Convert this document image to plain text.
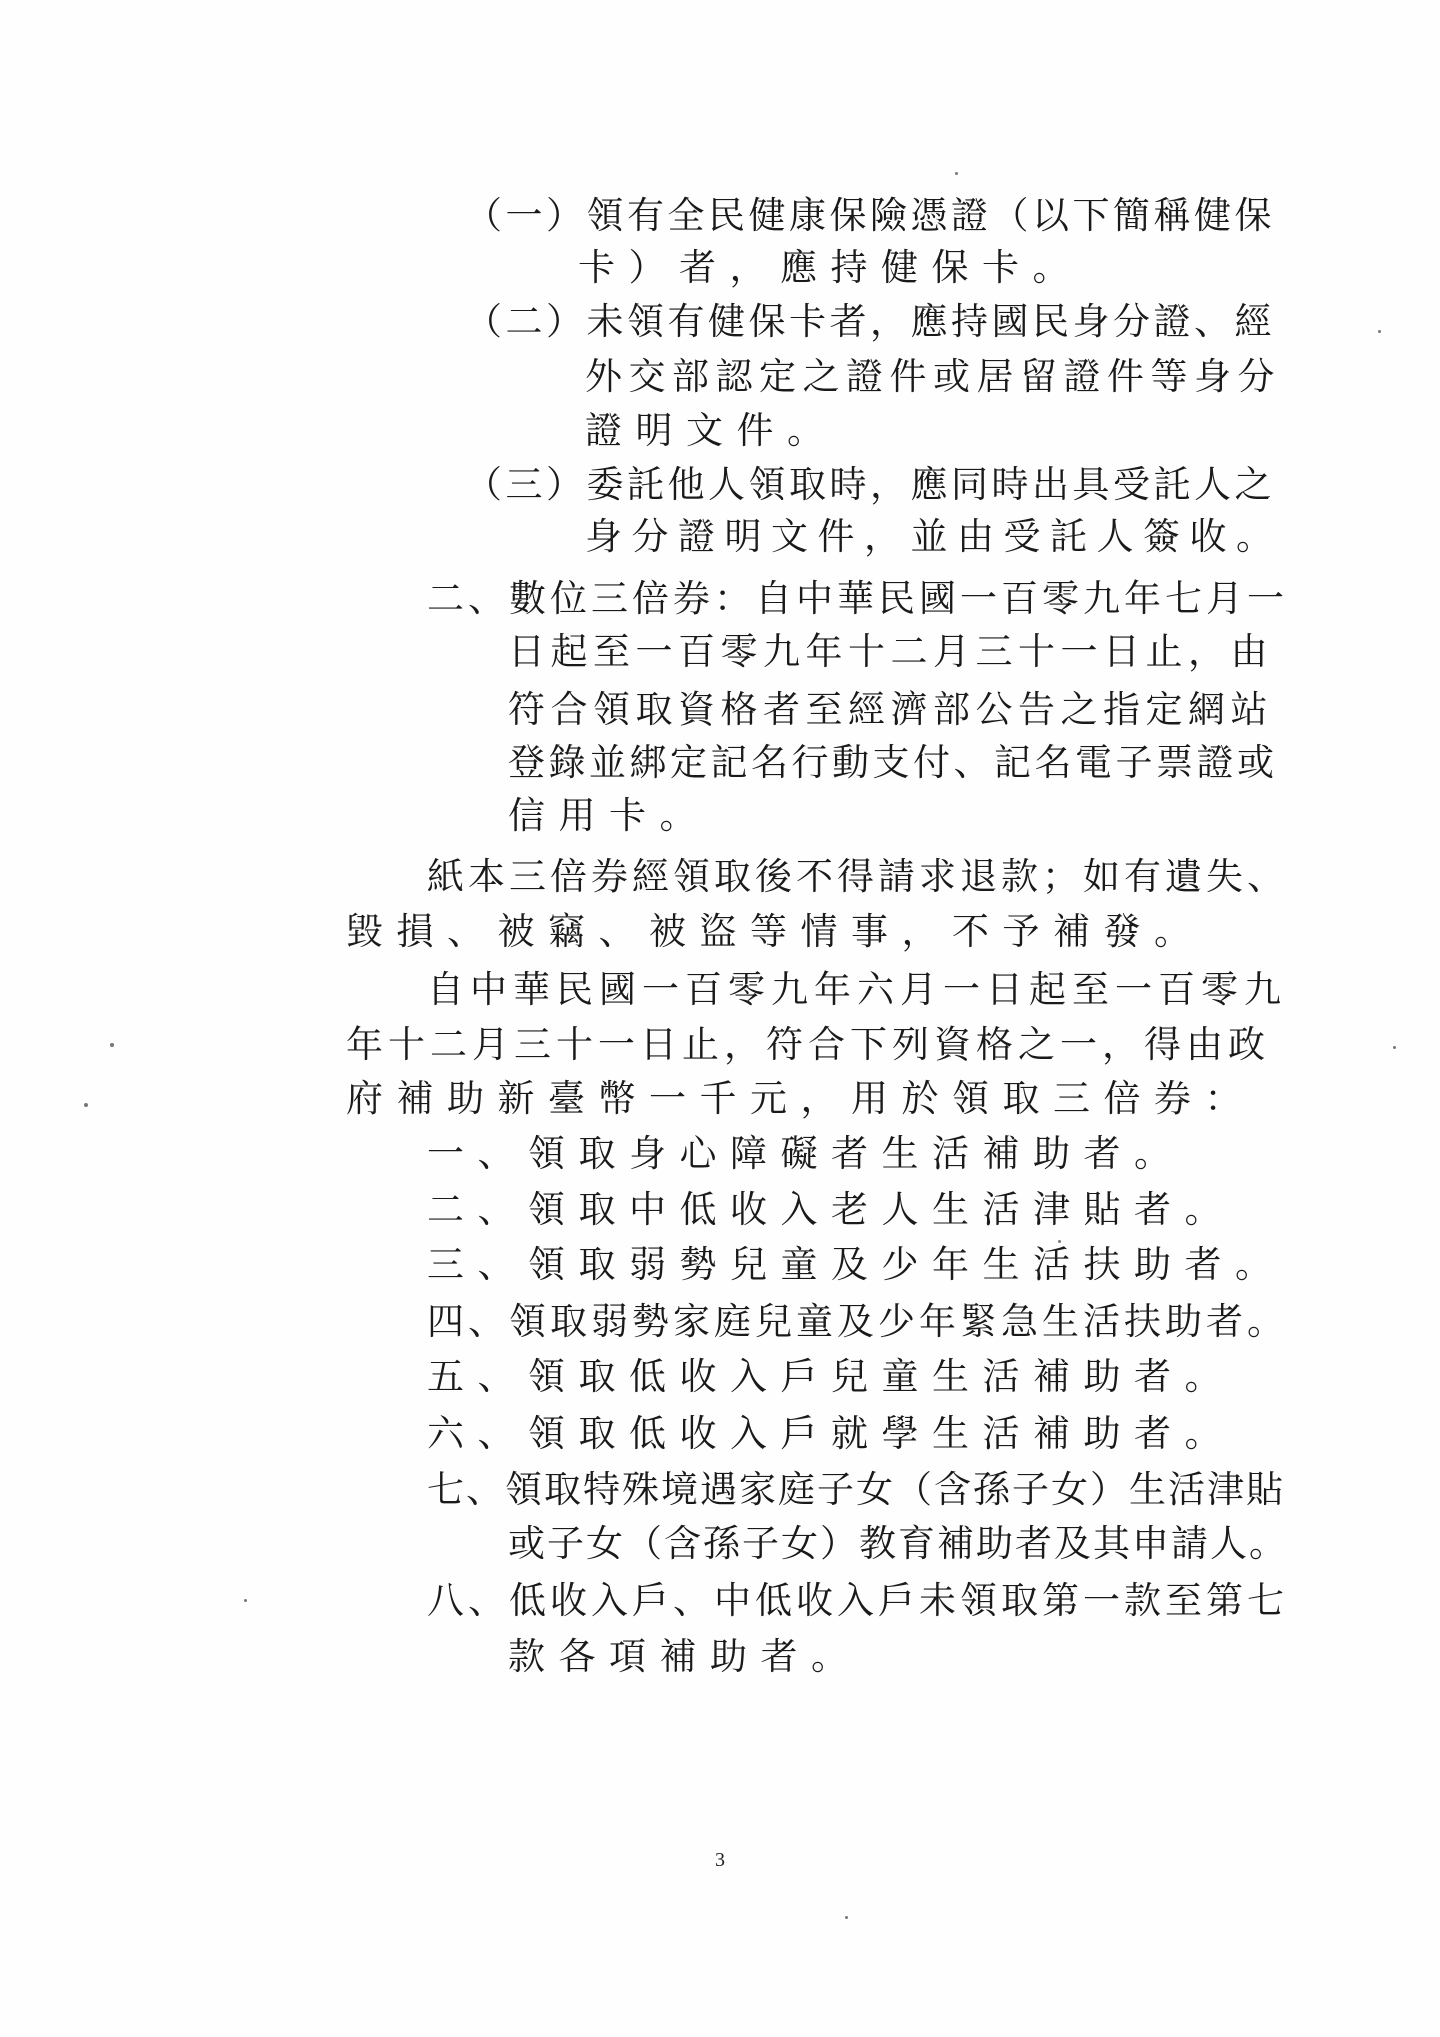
（一）領有全民健康保險憑證（以下簡稱健保
卡）者，應持健保卡。
（二）未領有健保卡者，應持國民身分證、經
外交部認定之證件或居留證件等身分
證明文件。
（三）委託他人領取時，應同時出具受託人之
身分證明文件，並由受託人簽收。
二、數位三倍券：自中華民國一百零九年七月一
日起至一百零九年十二月三十一日止，由
符合領取資格者至經濟部公告之指定網站
登錄並綁定記名行動支付、記名電子票證或
信用卡。
紙本三倍券經領取後不得請求退款；如有遺失、
毀損、被竊、被盜等情事，不予補發。
自中華民國一百零九年六月一日起至一百零九
年十二月三十一日止，符合下列資格之一，得由政
府補助新臺幣一千元，用於領取三倍券：
一、領取身心障礙者生活補助者。
二、領取中低收入老人生活津貼者。
三、領取弱勢兒童及少年生活扶助者。
四、領取弱勢家庭兒童及少年緊急生活扶助者。
五、領取低收入戶兒童生活補助者。
六、領取低收入戶就學生活補助者。
七、領取特殊境遇家庭子女（含孫子女）生活津貼
或子女（含孫子女）教育補助者及其申請人。
八、低收入戶、中低收入戶未領取第一款至第七
款各項補助者。
3
